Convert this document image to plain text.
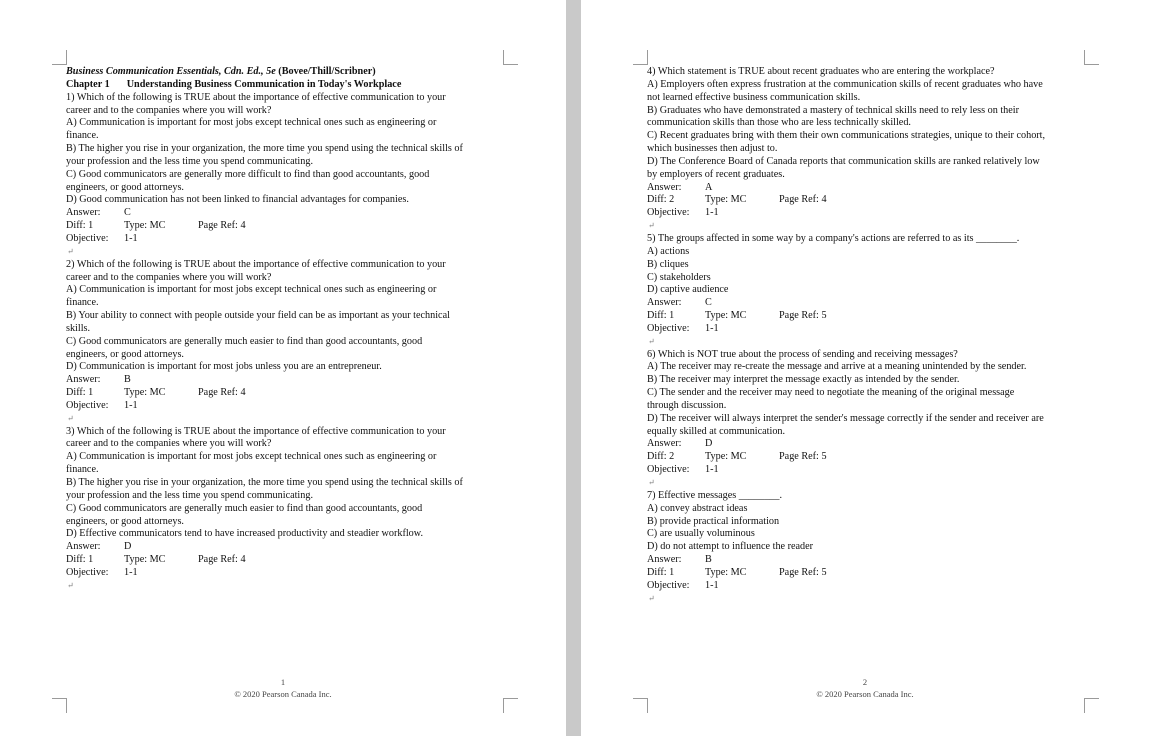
Business Communication Essentials, Cdn. Ed., 5e (Bovee/Thill/Scribner)
Chapter 1 Understanding Business Communication in Today's Workplace
1) Which of the following is TRUE about the importance of effective communication to your
career and to the companies where you will work?
A) Communication is important for most jobs except technical ones such as engineering or
finance.
B) The higher you rise in your organization, the more time you spend using the technical skills of
your profession and the less time you spend communicating.
C) Good communicators are generally more difficult to find than good accountants, good
engineers, or good attorneys.
D) Good communication has not been linked to financial advantages for companies.
Answer:	C
Diff: 1	Type: MC	Page Ref: 4
Objective:	1-1
↵
2) Which of the following is TRUE about the importance of effective communication to your
career and to the companies where you will work?
A) Communication is important for most jobs except technical ones such as engineering or
finance.
B) Your ability to connect with people outside your field can be as important as your technical
skills.
C) Good communicators are generally much easier to find than good accountants, good
engineers, or good attorneys.
D) Communication is important for most jobs unless you are an entrepreneur.
Answer:	B
Diff: 1	Type: MC	Page Ref: 4
Objective:	1-1
↵
3) Which of the following is TRUE about the importance of effective communication to your
career and to the companies where you will work?
A) Communication is important for most jobs except technical ones such as engineering or
finance.
B) The higher you rise in your organization, the more time you spend using the technical skills of
your profession and the less time you spend communicating.
C) Good communicators are generally much easier to find than good accountants, good
engineers, or good attorneys.
D) Effective communicators tend to have increased productivity and steadier workflow.
Answer:	D
Diff: 1	Type: MC	Page Ref: 4
Objective:	1-1
↵
1
© 2020 Pearson Canada Inc.
4) Which statement is TRUE about recent graduates who are entering the workplace?
A) Employers often express frustration at the communication skills of recent graduates who have
not learned effective business communication skills.
B) Graduates who have demonstrated a mastery of technical skills need to rely less on their
communication skills than those who are less technically skilled.
C) Recent graduates bring with them their own communications strategies, unique to their cohort,
which businesses then adjust to.
D) The Conference Board of Canada reports that communication skills are ranked relatively low
by employers of recent graduates.
Answer:	A
Diff: 2	Type: MC	Page Ref: 4
Objective:	1-1
↵
5) The groups affected in some way by a company's actions are referred to as its ________.
A) actions
B) cliques
C) stakeholders
D) captive audience
Answer:	C
Diff: 1	Type: MC	Page Ref: 5
Objective:	1-1
↵
6) Which is NOT true about the process of sending and receiving messages?
A) The receiver may re-create the message and arrive at a meaning unintended by the sender.
B) The receiver may interpret the message exactly as intended by the sender.
C) The sender and the receiver may need to negotiate the meaning of the original message
through discussion.
D) The receiver will always interpret the sender's message correctly if the sender and receiver are
equally skilled at communication.
Answer:	D
Diff: 2	Type: MC	Page Ref: 5
Objective:	1-1
↵
7) Effective messages ________.
A) convey abstract ideas
B) provide practical information
C) are usually voluminous
D) do not attempt to influence the reader
Answer:	B
Diff: 1	Type: MC	Page Ref: 5
Objective:	1-1
↵
2
© 2020 Pearson Canada Inc.
